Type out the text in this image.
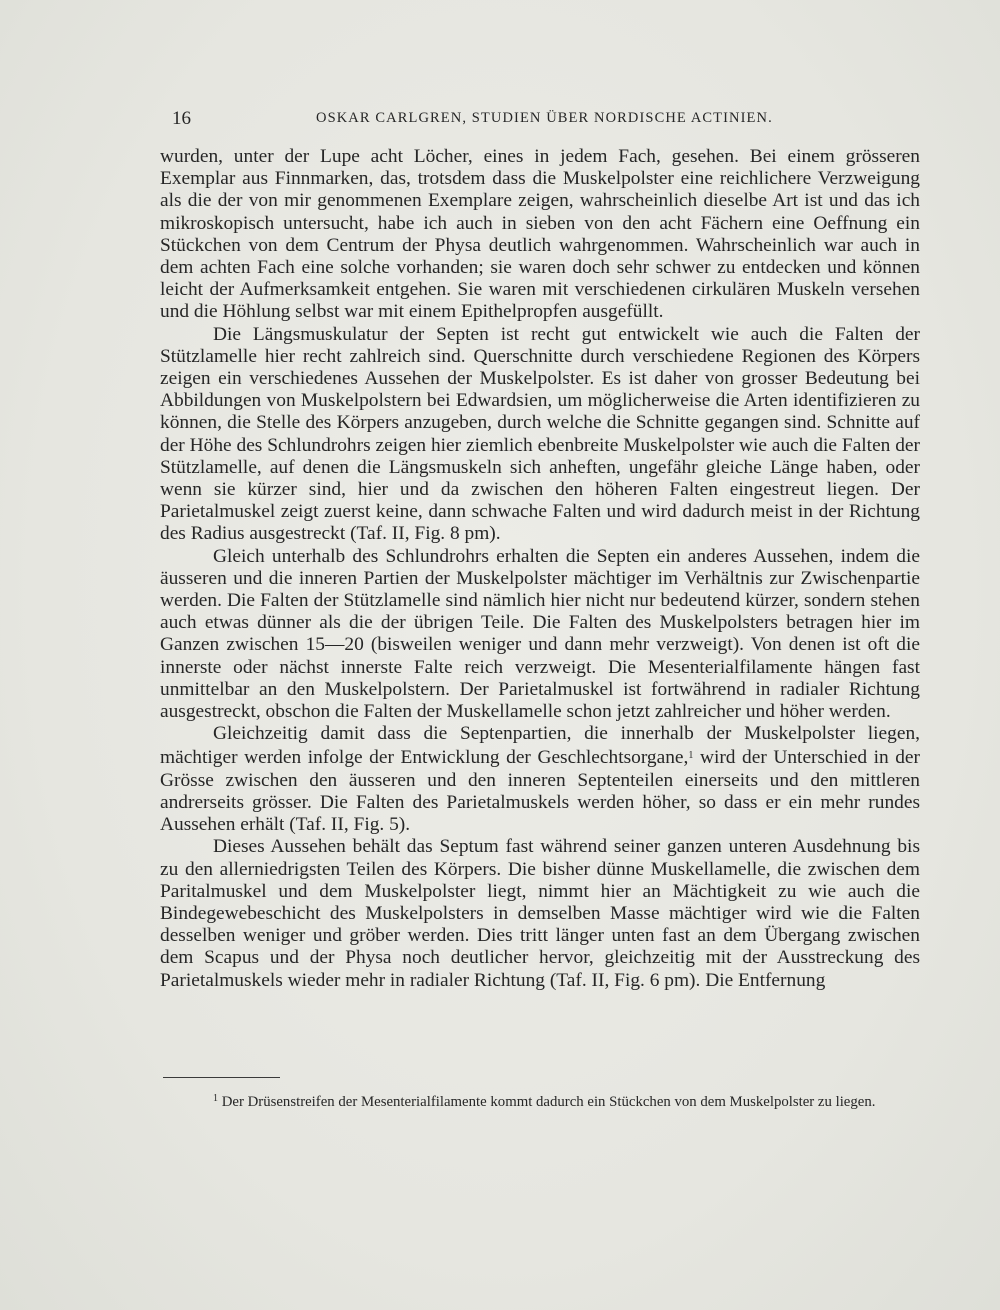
16	OSKAR CARLGREN, STUDIEN ÜBER NORDISCHE ACTINIEN.

wurden, unter der Lupe acht Löcher, eines in jedem Fach, gesehen. Bei einem grösseren Exemplar aus Finnmarken, das, trotsdem dass die Muskelpolster eine reichlichere Verzweigung als die der von mir genommenen Exemplare zeigen, wahrscheinlich dieselbe Art ist und das ich mikroskopisch untersucht, habe ich auch in sieben von den acht Fächern eine Oeffnung ein Stückchen von dem Centrum der Physa deutlich wahrgenommen. Wahrscheinlich war auch in dem achten Fach eine solche vorhanden; sie waren doch sehr schwer zu entdecken und können leicht der Aufmerksamkeit entgehen. Sie waren mit verschiedenen cirkulären Muskeln versehen und die Höhlung selbst war mit einem Epithelpropfen ausgefüllt.

Die Längsmuskulatur der Septen ist recht gut entwickelt wie auch die Falten der Stützlamelle hier recht zahlreich sind. Querschnitte durch verschiedene Regionen des Körpers zeigen ein verschiedenes Aussehen der Muskelpolster. Es ist daher von grosser Bedeutung bei Abbildungen von Muskelpolstern bei Edwardsien, um möglicherweise die Arten identifizieren zu können, die Stelle des Körpers anzugeben, durch welche die Schnitte gegangen sind. Schnitte auf der Höhe des Schlundrohrs zeigen hier ziemlich ebenbreite Muskelpolster wie auch die Falten der Stützlamelle, auf denen die Längsmuskeln sich anheften, ungefähr gleiche Länge haben, oder wenn sie kürzer sind, hier und da zwischen den höheren Falten eingestreut liegen. Der Parietalmuskel zeigt zuerst keine, dann schwache Falten und wird dadurch meist in der Richtung des Radius ausgestreckt (Taf. II, Fig. 8 pm).

Gleich unterhalb des Schlundrohrs erhalten die Septen ein anderes Aussehen, indem die äusseren und die inneren Partien der Muskelpolster mächtiger im Verhältnis zur Zwischenpartie werden. Die Falten der Stützlamelle sind nämlich hier nicht nur bedeutend kürzer, sondern stehen auch etwas dünner als die der übrigen Teile. Die Falten des Muskelpolsters betragen hier im Ganzen zwischen 15—20 (bisweilen weniger und dann mehr verzweigt). Von denen ist oft die innerste oder nächst innerste Falte reich verzweigt. Die Mesenterialfilamente hängen fast unmittelbar an den Muskelpolstern. Der Parietalmuskel ist fortwährend in radialer Richtung ausgestreckt, obschon die Falten der Muskellamelle schon jetzt zahlreicher und höher werden.

Gleichzeitig damit dass die Septenpartien, die innerhalb der Muskelpolster liegen, mächtiger werden infolge der Entwicklung der Geschlechtsorgane,$^1$ wird der Unterschied in der Grösse zwischen den äusseren und den inneren Septenteilen einerseits und den mittleren andrerseits grösser. Die Falten des Parietalmuskels werden höher, so dass er ein mehr rundes Aussehen erhält (Taf. II, Fig. 5).

Dieses Aussehen behält das Septum fast während seiner ganzen unteren Ausdehnung bis zu den allerniedrigsten Teilen des Körpers. Die bisher dünne Muskellamelle, die zwischen dem Paritalmuskel und dem Muskelpolster liegt, nimmt hier an Mächtigkeit zu wie auch die Bindegewebeschicht des Muskelpolsters in demselben Masse mächtiger wird wie die Falten desselben weniger und gröber werden. Dies tritt länger unten fast an dem Übergang zwischen dem Scapus und der Physa noch deutlicher hervor, gleichzeitig mit der Ausstreckung des Parietalmuskels wieder mehr in radialer Richtung (Taf. II, Fig. 6 pm). Die Entfernung

$^1$ Der Drüsenstreifen der Mesenterialfilamente kommt dadurch ein Stückchen von dem Muskelpolster zu liegen.
